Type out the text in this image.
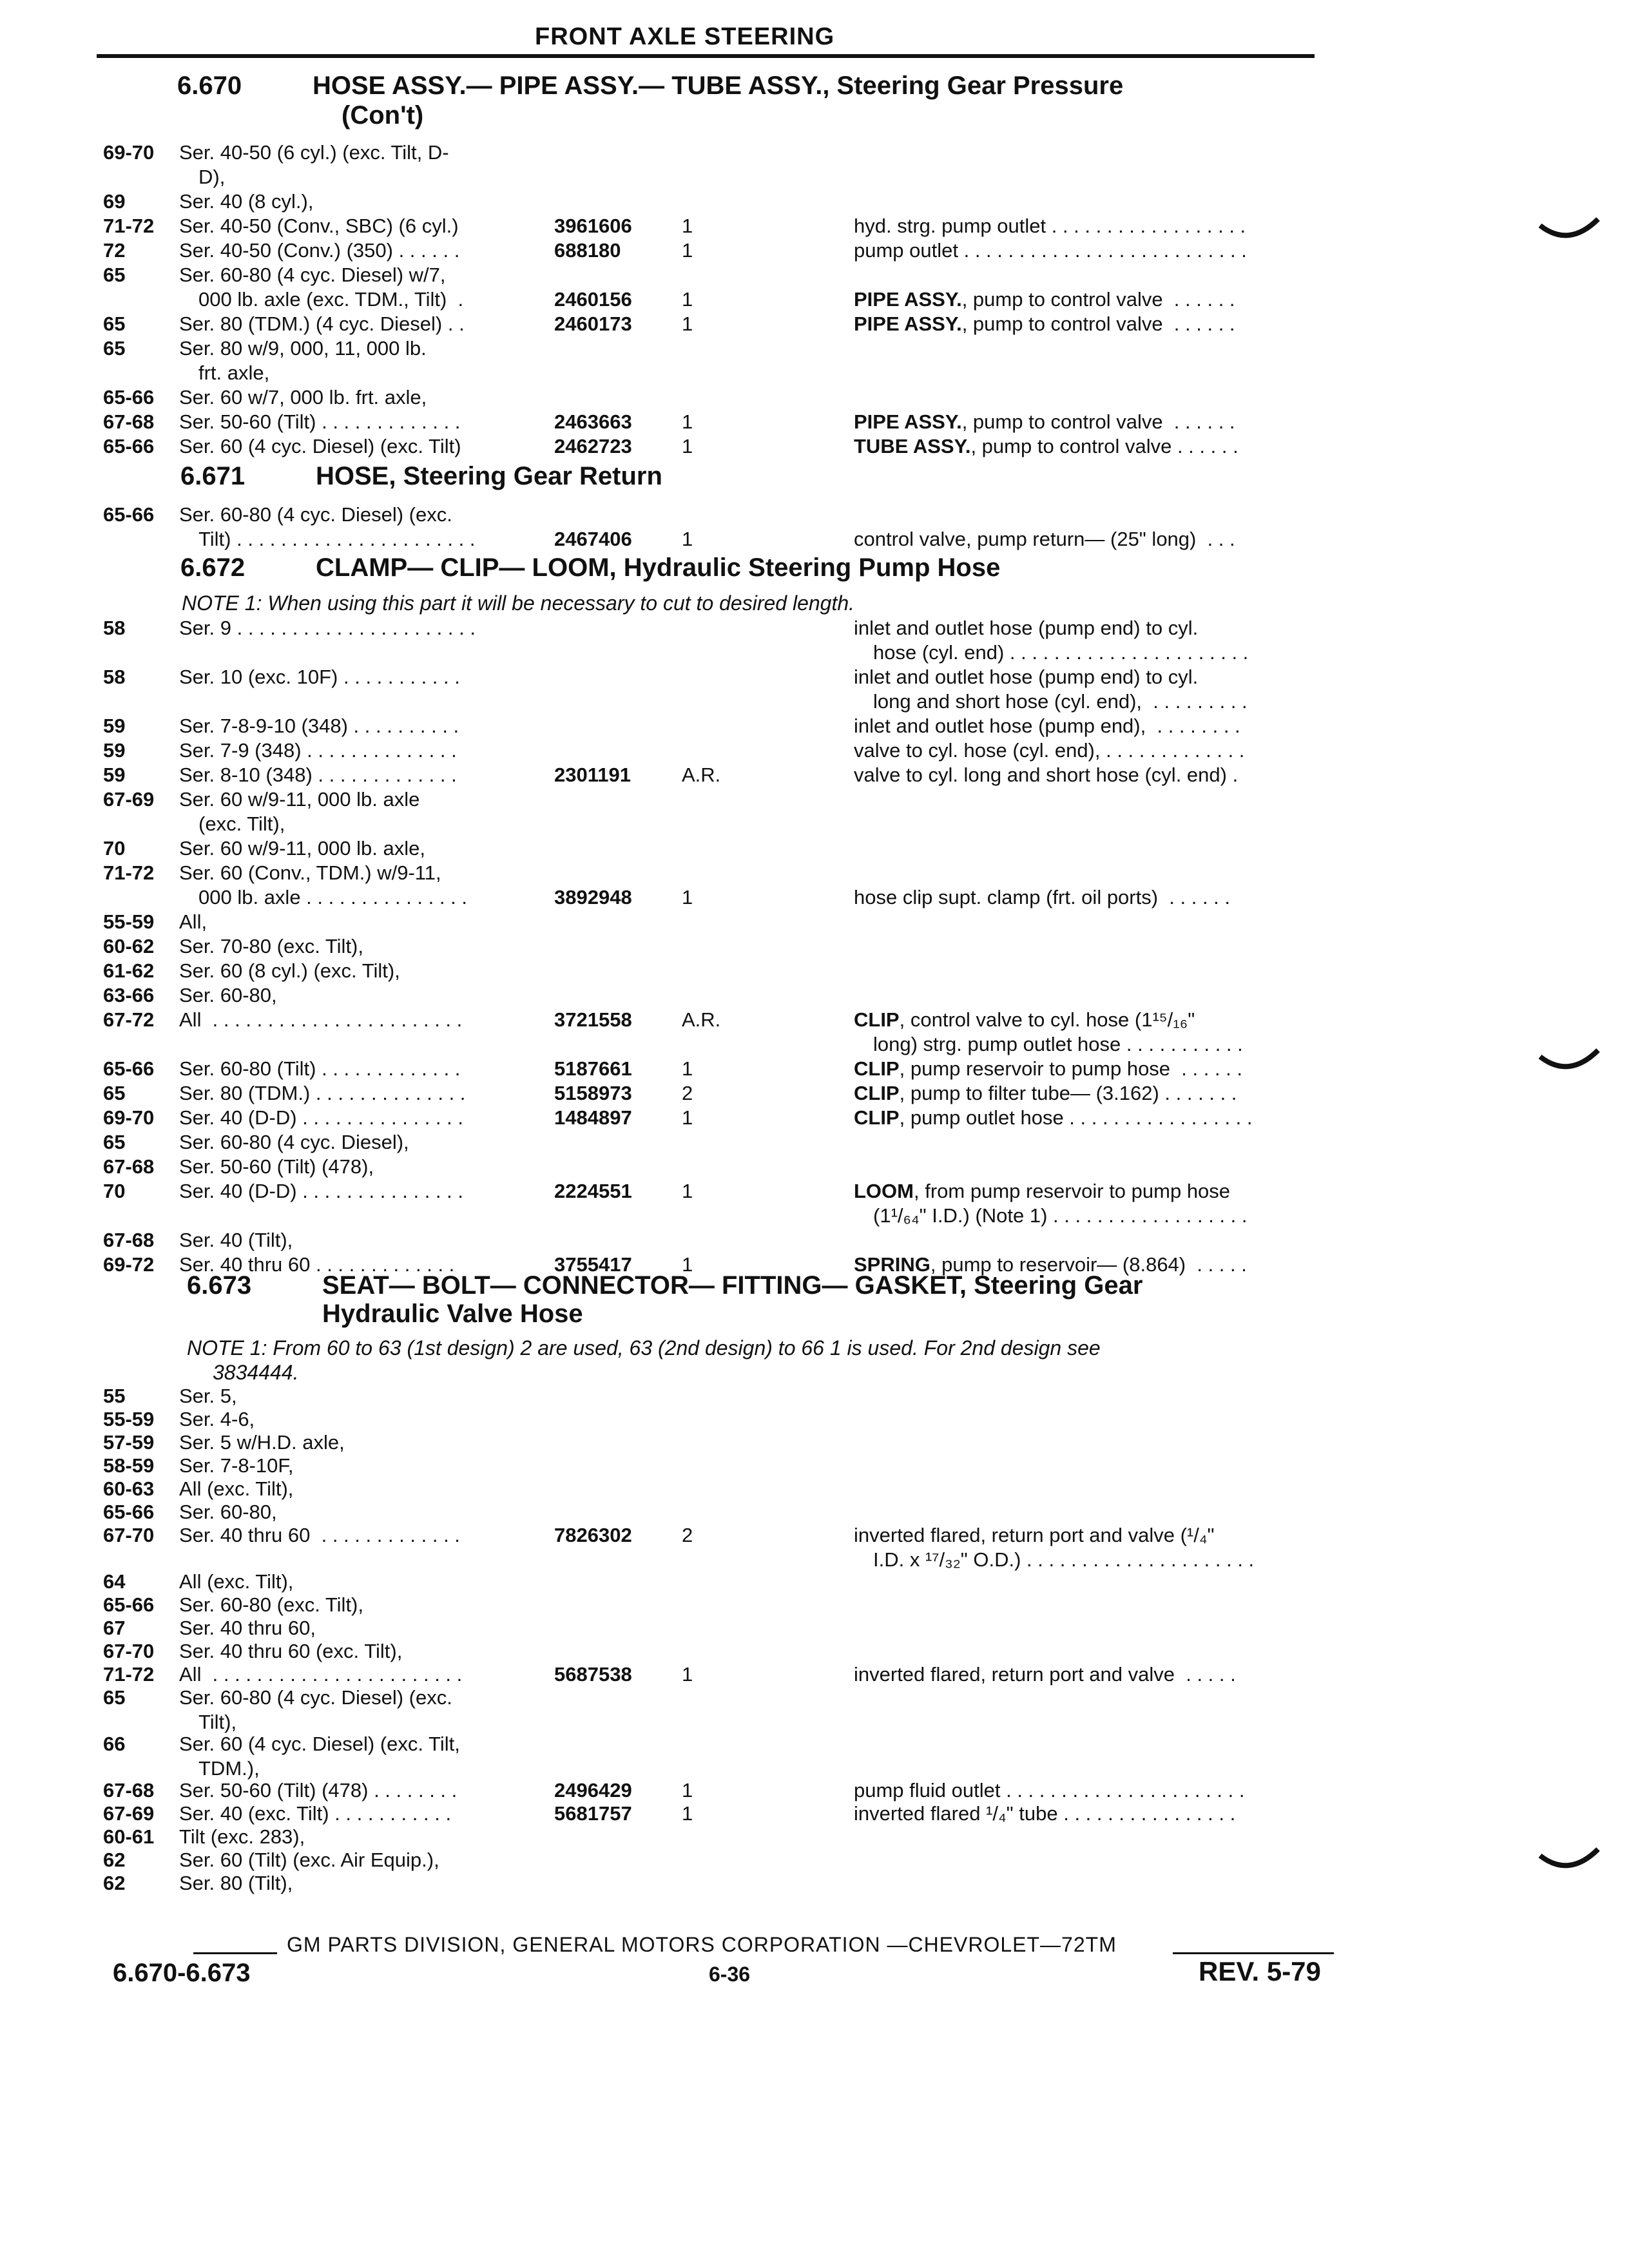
FRONT AXLE STEERING
6.670	HOSE ASSY.— PIPE ASSY.— TUBE ASSY., Steering Gear Pressure
(Con't)
69-70	Ser. 40-50 (6 cyl.) (exc. Tilt, D-
D),
69	Ser. 40 (8 cyl.),
71-72	Ser. 40-50 (Conv., SBC) (6 cyl.)	3961606	1	hyd. strg. pump outlet . . . . . . . . . . . . . . . . . .
72	Ser. 40-50 (Conv.) (350) . . . . . .	688180	1	pump outlet . . . . . . . . . . . . . . . . . . . . . . . . . .
65	Ser. 60-80 (4 cyc. Diesel) w/7,
000 lb. axle (exc. TDM., Tilt)  .	2460156	1	PIPE ASSY., pump to control valve  . . . . . .
65	Ser. 80 (TDM.) (4 cyc. Diesel) . .	2460173	1	PIPE ASSY., pump to control valve  . . . . . .
65	Ser. 80 w/9, 000, 11, 000 lb.
frt. axle,
65-66	Ser. 60 w/7, 000 lb. frt. axle,
67-68	Ser. 50-60 (Tilt) . . . . . . . . . . . . .	2463663	1	PIPE ASSY., pump to control valve  . . . . . .
65-66	Ser. 60 (4 cyc. Diesel) (exc. Tilt)	2462723	1	TUBE ASSY., pump to control valve . . . . . .
6.671	HOSE, Steering Gear Return
65-66	Ser. 60-80 (4 cyc. Diesel) (exc.
Tilt) . . . . . . . . . . . . . . . . . . . . . .	2467406	1	control valve, pump return— (25" long)  . . .
6.672	CLAMP— CLIP— LOOM, Hydraulic Steering Pump Hose
NOTE 1: When using this part it will be necessary to cut to desired length.
58	Ser. 9 . . . . . . . . . . . . . . . . . . . . . .	inlet and outlet hose (pump end) to cyl.
hose (cyl. end) . . . . . . . . . . . . . . . . . . . . . .
58	Ser. 10 (exc. 10F) . . . . . . . . . . .	inlet and outlet hose (pump end) to cyl.
long and short hose (cyl. end),  . . . . . . . . .
59	Ser. 7-8-9-10 (348) . . . . . . . . . .	inlet and outlet hose (pump end),  . . . . . . . .
59	Ser. 7-9 (348) . . . . . . . . . . . . . .	valve to cyl. hose (cyl. end), . . . . . . . . . . . . .
59	Ser. 8-10 (348) . . . . . . . . . . . . .	2301191	A.R.	valve to cyl. long and short hose (cyl. end) .
67-69	Ser. 60 w/9-11, 000 lb. axle
(exc. Tilt),
70	Ser. 60 w/9-11, 000 lb. axle,
71-72	Ser. 60 (Conv., TDM.) w/9-11,
000 lb. axle . . . . . . . . . . . . . . .	3892948	1	hose clip supt. clamp (frt. oil ports)  . . . . . .
55-59	All,
60-62	Ser. 70-80 (exc. Tilt),
61-62	Ser. 60 (8 cyl.) (exc. Tilt),
63-66	Ser. 60-80,
67-72	All  . . . . . . . . . . . . . . . . . . . . . . .	3721558	A.R.	CLIP, control valve to cyl. hose (1¹⁵/₁₆"
long) strg. pump outlet hose . . . . . . . . . . .
65-66	Ser. 60-80 (Tilt) . . . . . . . . . . . . .	5187661	1	CLIP, pump reservoir to pump hose  . . . . . .
65	Ser. 80 (TDM.) . . . . . . . . . . . . . .	5158973	2	CLIP, pump to filter tube— (3.162) . . . . . . .
69-70	Ser. 40 (D-D) . . . . . . . . . . . . . . .	1484897	1	CLIP, pump outlet hose . . . . . . . . . . . . . . . . .
65	Ser. 60-80 (4 cyc. Diesel),
67-68	Ser. 50-60 (Tilt) (478),
70	Ser. 40 (D-D) . . . . . . . . . . . . . . .	2224551	1	LOOM, from pump reservoir to pump hose
(1¹/₆₄" I.D.) (Note 1) . . . . . . . . . . . . . . . . . .
67-68	Ser. 40 (Tilt),
69-72	Ser. 40 thru 60 . . . . . . . . . . . . .	3755417	1	SPRING, pump to reservoir— (8.864)  . . . . .
6.673	SEAT— BOLT— CONNECTOR— FITTING— GASKET, Steering Gear
Hydraulic Valve Hose
NOTE 1: From 60 to 63 (1st design) 2 are used, 63 (2nd design) to 66 1 is used. For 2nd design see
3834444.
55	Ser. 5,
55-59	Ser. 4-6,
57-59	Ser. 5 w/H.D. axle,
58-59	Ser. 7-8-10F,
60-63	All (exc. Tilt),
65-66	Ser. 60-80,
67-70	Ser. 40 thru 60  . . . . . . . . . . . . .	7826302	2	inverted flared, return port and valve (¹/₄"
I.D. x ¹⁷/₃₂" O.D.) . . . . . . . . . . . . . . . . . . . . .
64	All (exc. Tilt),
65-66	Ser. 60-80 (exc. Tilt),
67	Ser. 40 thru 60,
67-70	Ser. 40 thru 60 (exc. Tilt),
71-72	All  . . . . . . . . . . . . . . . . . . . . . . .	5687538	1	inverted flared, return port and valve  . . . . .
65	Ser. 60-80 (4 cyc. Diesel) (exc.
Tilt),
66	Ser. 60 (4 cyc. Diesel) (exc. Tilt,
TDM.),
67-68	Ser. 50-60 (Tilt) (478) . . . . . . . .	2496429	1	pump fluid outlet . . . . . . . . . . . . . . . . . . . . . .
67-69	Ser. 40 (exc. Tilt) . . . . . . . . . . .	5681757	1	inverted flared ¹/₄" tube . . . . . . . . . . . . . . . .
60-61	Tilt (exc. 283),
62	Ser. 60 (Tilt) (exc. Air Equip.),
62	Ser. 80 (Tilt),
GM PARTS DIVISION, GENERAL MOTORS CORPORATION —CHEVROLET—72TM
6.670-6.673	6-36	REV. 5-79
